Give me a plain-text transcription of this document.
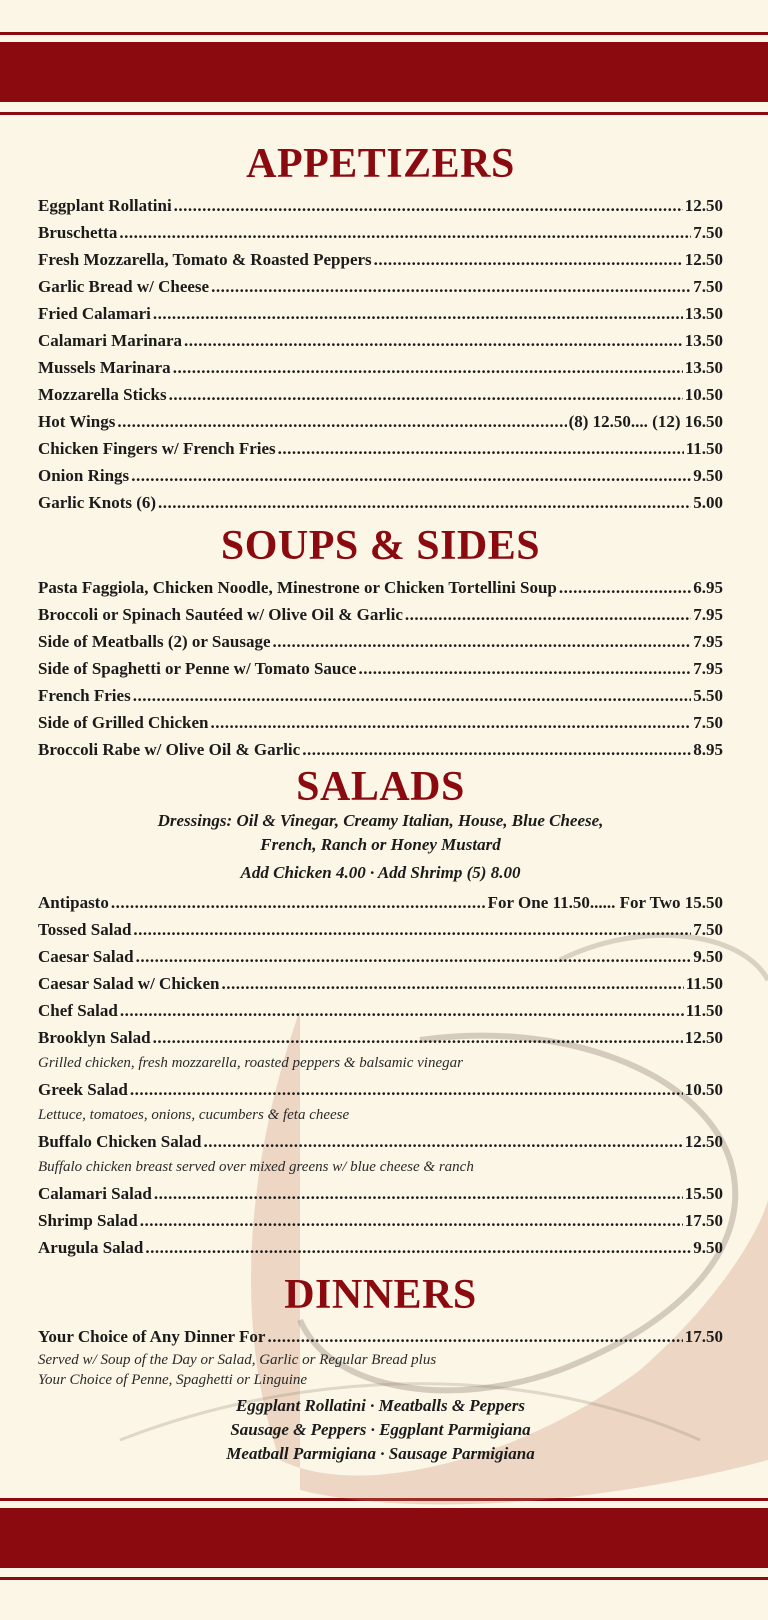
APPETIZERS
Eggplant Rollatini .....	12.50
Bruschetta .....	7.50
Fresh Mozzarella, Tomato & Roasted Peppers .....	12.50
Garlic Bread w/ Cheese .....	7.50
Fried Calamari .....	13.50
Calamari Marinara .....	13.50
Mussels Marinara .....	13.50
Mozzarella Sticks .....	10.50
Hot Wings .....	(8) 12.50.... (12) 16.50
Chicken Fingers w/ French Fries .....	11.50
Onion Rings .....	9.50
Garlic Knots (6) .....	5.00
SOUPS & SIDES
Pasta Faggiola, Chicken Noodle, Minestrone or Chicken Tortellini Soup .....	6.95
Broccoli or Spinach Sautéed w/ Olive Oil & Garlic .....	7.95
Side of Meatballs (2) or Sausage .....	7.95
Side of Spaghetti or Penne w/ Tomato Sauce .....	7.95
French Fries .....	5.50
Side of Grilled Chicken .....	7.50
Broccoli Rabe w/ Olive Oil & Garlic .....	8.95
SALADS
Dressings: Oil & Vinegar, Creamy Italian, House, Blue Cheese,
French, Ranch or Honey Mustard
Add Chicken 4.00 · Add Shrimp (5) 8.00
Antipasto .....	For One 11.50...... For Two 15.50
Tossed Salad .....	7.50
Caesar Salad .....	9.50
Caesar Salad w/ Chicken .....	11.50
Chef Salad .....	11.50
Brooklyn Salad .....	12.50
Grilled chicken, fresh mozzarella, roasted peppers & balsamic vinegar
Greek Salad .....	10.50
Lettuce, tomatoes, onions, cucumbers & feta cheese
Buffalo Chicken Salad .....	12.50
Buffalo chicken breast served over mixed greens w/ blue cheese & ranch
Calamari Salad .....	15.50
Shrimp Salad .....	17.50
Arugula Salad .....	9.50
DINNERS
Your Choice of Any Dinner For .....	17.50
Served w/ Soup of the Day or Salad, Garlic or Regular Bread plus
Your Choice of Penne, Spaghetti or Linguine
Eggplant Rollatini · Meatballs & Peppers
Sausage & Peppers · Eggplant Parmigiana
Meatball Parmigiana · Sausage Parmigiana
